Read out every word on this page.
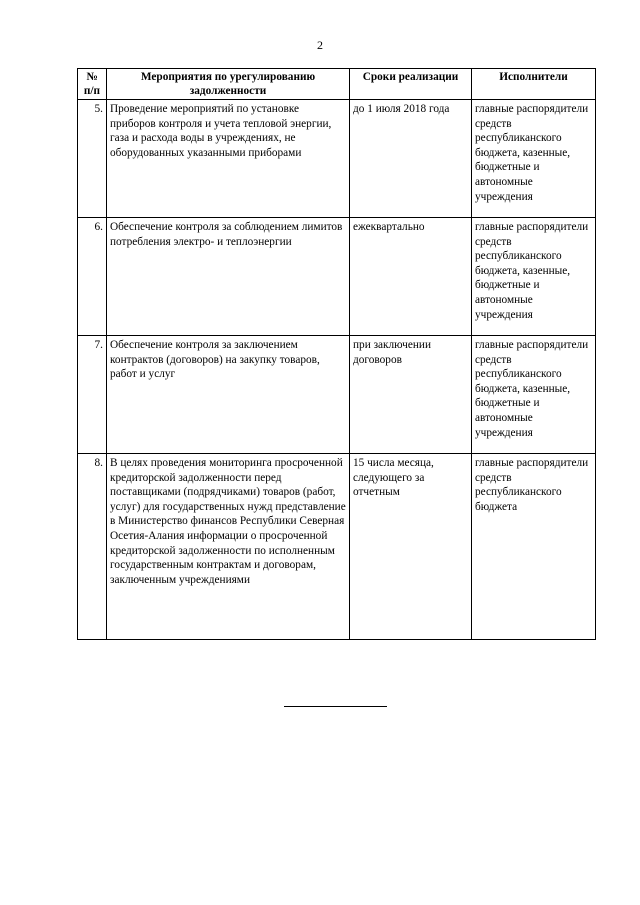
2
№ п/п	Мероприятия по урегулированию задолженности	Сроки реализации	Исполнители
5.	Проведение мероприятий по установке приборов контроля и учета тепловой энергии, газа и расхода воды в учреждениях, не оборудованных указанными приборами	до 1 июля 2018 года	главные распорядители средств республиканского бюджета, казенные, бюджетные и автономные учреждения
6.	Обеспечение контроля за соблюдением лимитов потребления электро- и теплоэнергии	ежеквартально	главные распорядители средств республиканского бюджета, казенные, бюджетные и автономные учреждения
7.	Обеспечение контроля за заключением контрактов (договоров) на закупку товаров, работ и услуг	при заключении договоров	главные распорядители средств республиканского бюджета, казенные, бюджетные и автономные учреждения
8.	В целях проведения мониторинга просроченной кредиторской задолженности перед поставщиками (подрядчиками) товаров (работ, услуг) для государственных нужд представление в Министерство финансов Республики Северная Осетия-Алания информации о просроченной кредиторской задолженности по исполненным государственным контрактам и договорам, заключенным учреждениями	15 числа месяца, следующего за отчетным	главные распорядители средств республиканского бюджета
